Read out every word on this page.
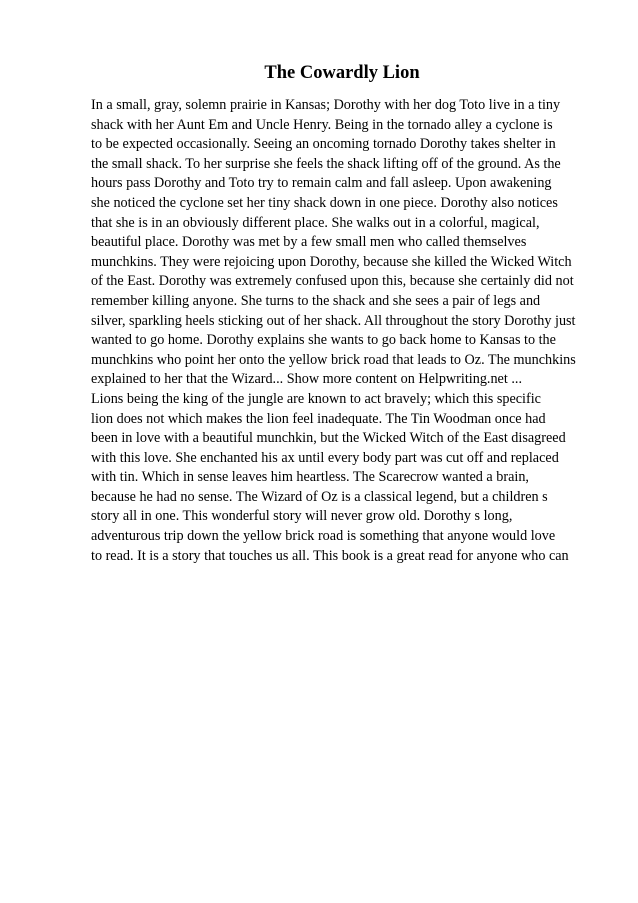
The Cowardly Lion
In a small, gray, solemn prairie in Kansas; Dorothy with her dog Toto live in a tiny
shack with her Aunt Em and Uncle Henry. Being in the tornado alley a cyclone is
to be expected occasionally. Seeing an oncoming tornado Dorothy takes shelter in
the small shack. To her surprise she feels the shack lifting off of the ground. As the
hours pass Dorothy and Toto try to remain calm and fall asleep. Upon awakening
she noticed the cyclone set her tiny shack down in one piece. Dorothy also notices
that she is in an obviously different place. She walks out in a colorful, magical,
beautiful place. Dorothy was met by a few small men who called themselves
munchkins. They were rejoicing upon Dorothy, because she killed the Wicked Witch
of the East. Dorothy was extremely confused upon this, because she certainly did not
remember killing anyone. She turns to the shack and she sees a pair of legs and
silver, sparkling heels sticking out of her shack. All throughout the story Dorothy just
wanted to go home. Dorothy explains she wants to go back home to Kansas to the
munchkins who point her onto the yellow brick road that leads to Oz. The munchkins
explained to her that the Wizard... Show more content on Helpwriting.net ...
Lions being the king of the jungle are known to act bravely; which this specific
lion does not which makes the lion feel inadequate. The Tin Woodman once had
been in love with a beautiful munchkin, but the Wicked Witch of the East disagreed
with this love. She enchanted his ax until every body part was cut off and replaced
with tin. Which in sense leaves him heartless. The Scarecrow wanted a brain,
because he had no sense. The Wizard of Oz is a classical legend, but a children s
story all in one. This wonderful story will never grow old. Dorothy s long,
adventurous trip down the yellow brick road is something that anyone would love
to read. It is a story that touches us all. This book is a great read for anyone who can
